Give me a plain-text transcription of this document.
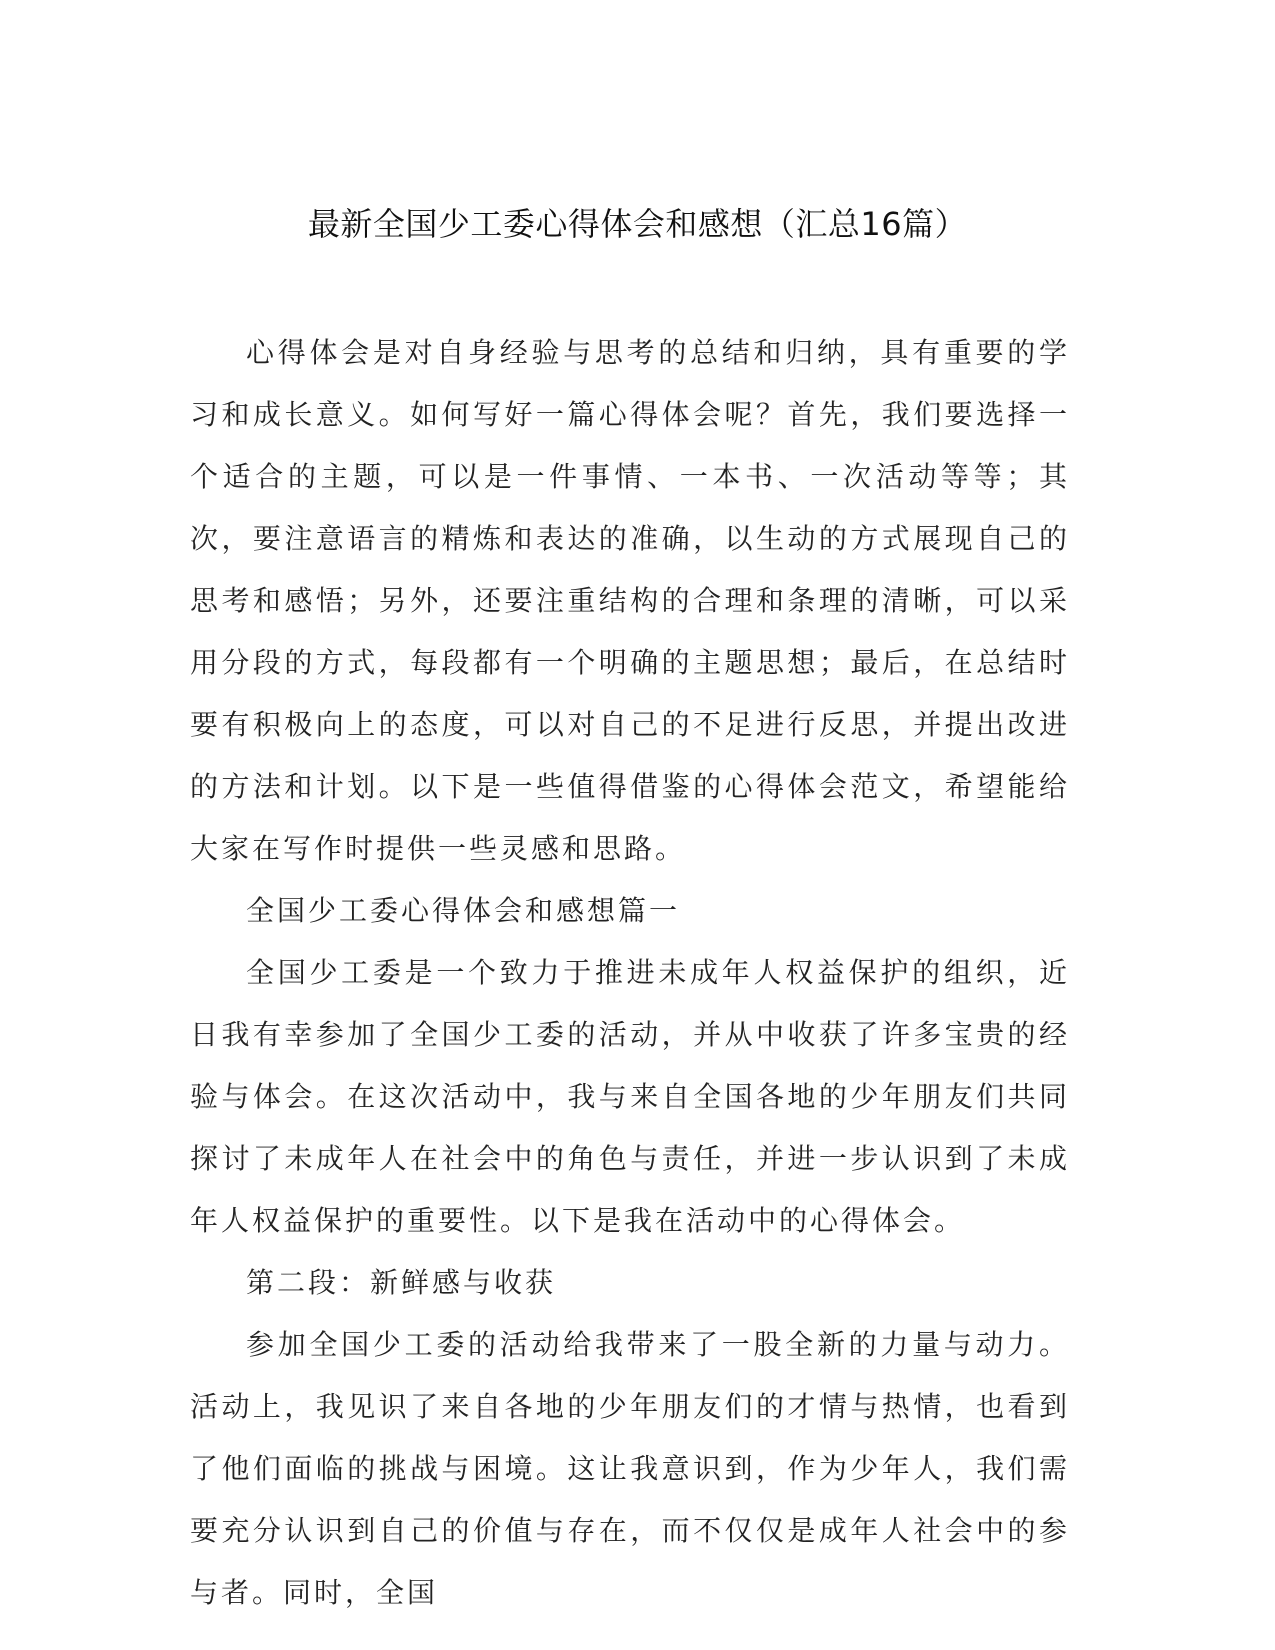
最新全国少工委心得体会和感想（汇总16篇）

心得体会是对自身经验与思考的总结和归纳，具有重要的学习和成长意义。如何写好一篇心得体会呢？首先，我们要选择一个适合的主题，可以是一件事情、一本书、一次活动等等；其次，要注意语言的精炼和表达的准确，以生动的方式展现自己的思考和感悟；另外，还要注重结构的合理和条理的清晰，可以采用分段的方式，每段都有一个明确的主题思想；最后，在总结时要有积极向上的态度，可以对自己的不足进行反思，并提出改进的方法和计划。以下是一些值得借鉴的心得体会范文，希望能给大家在写作时提供一些灵感和思路。

全国少工委心得体会和感想篇一

全国少工委是一个致力于推进未成年人权益保护的组织，近日我有幸参加了全国少工委的活动，并从中收获了许多宝贵的经验与体会。在这次活动中，我与来自全国各地的少年朋友们共同探讨了未成年人在社会中的角色与责任，并进一步认识到了未成年人权益保护的重要性。以下是我在活动中的心得体会。

第二段：新鲜感与收获

参加全国少工委的活动给我带来了一股全新的力量与动力。活动上，我见识了来自各地的少年朋友们的才情与热情，也看到了他们面临的挑战与困境。这让我意识到，作为少年人，我们需要充分认识到自己的价值与存在，而不仅仅是成年人社会中的参与者。同时，全国
